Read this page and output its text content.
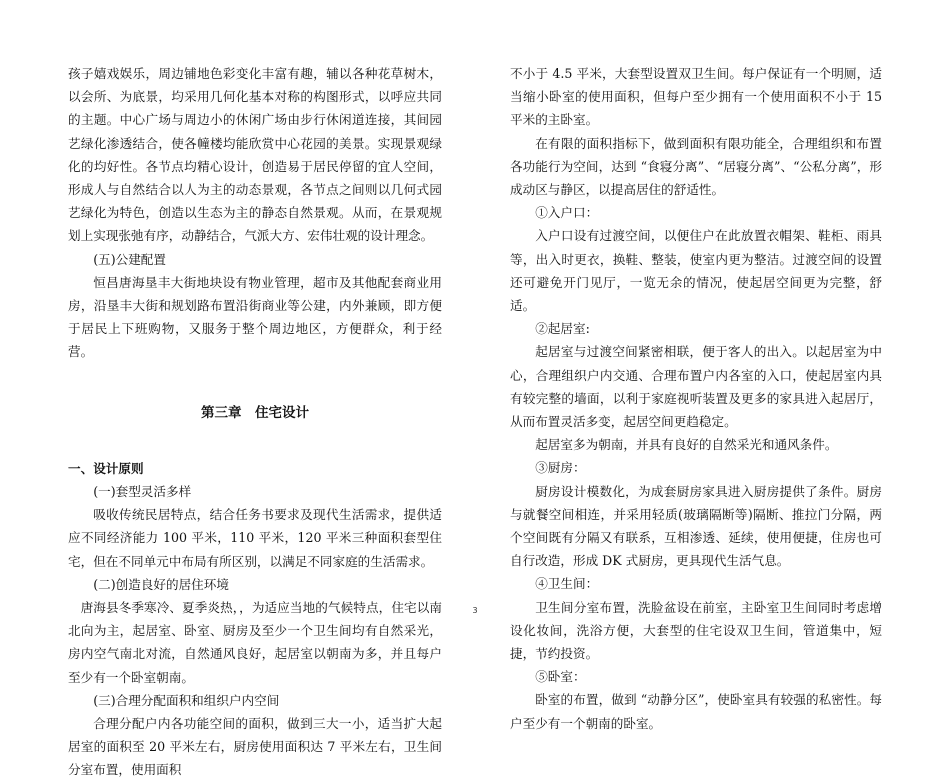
孩子嬉戏娱乐，周边铺地色彩变化丰富有趣，辅以各种花草树木，以会所、为底景，均采用几何化基本对称的构图形式，以呼应共同的主题。中心广场与周边小的休闲广场由步行休闲道连接，其间园艺绿化渗透结合，使各幢楼均能欣赏中心花园的美景。实现景观绿化的均好性。各节点均精心设计，创造易于居民停留的宜人空间，形成人与自然结合以人为主的动态景观，各节点之间则以几何式园艺绿化为特色，创造以生态为主的静态自然景观。从而，在景观规划上实现张弛有序，动静结合，气派大方、宏伟壮观的设计理念。

(五)公建配置

恒昌唐海垦丰大街地块设有物业管理，超市及其他配套商业用房，沿垦丰大街和规划路布置沿街商业等公建，内外兼顾，即方便于居民上下班购物，又服务于整个周边地区，方便群众，利于经营。

第三章　住宅设计

一、设计原则

(一)套型灵活多样

吸收传统民居特点，结合任务书要求及现代生活需求，提供适应不同经济能力 100 平米，110 平米，120 平米三种面积套型住宅，但在不同单元中布局有所区别，以满足不同家庭的生活需求。

(二)创造良好的居住环境

唐海县冬季寒冷、夏季炎热，，为适应当地的气候特点，住宅以南北向为主，起居室、卧室、厨房及至少一个卫生间均有自然采光，房内空气南北对流，自然通风良好，起居室以朝南为多，并且每户至少有一个卧室朝南。

(三)合理分配面积和组织户内空间

合理分配户内各功能空间的面积，做到三大一小，适当扩大起居室的面积至 20 平米左右，厨房使用面积达 7 平米左右，卫生间分室布置，使用面积

不小于 4.5 平米，大套型设置双卫生间。每户保证有一个明厕，适当缩小卧室的使用面积，但每户至少拥有一个使用面积不小于 15 平米的主卧室。

在有限的面积指标下，做到面积有限功能全，合理组织和布置各功能行为空间，达到 “食寝分离”、“居寝分离”、“公私分离”，形成动区与静区，以提高居住的舒适性。

①入户口：

入户口设有过渡空间，以便住户在此放置衣帽架、鞋柜、雨具等，出入时更衣，换鞋、整装，使室内更为整洁。过渡空间的设置还可避免开门见厅，一览无余的情况，使起居空间更为完整，舒适。

②起居室:

起居室与过渡空间紧密相联，便于客人的出入。以起居室为中心，合理组织户内交通、合理布置户内各室的入口，使起居室内具有较完整的墙面，以利于家庭视听装置及更多的家具进入起居厅，从而布置灵活多变，起居空间更趋稳定。

起居室多为朝南，并具有良好的自然采光和通风条件。

③厨房：

厨房设计模数化，为成套厨房家具进入厨房提供了条件。厨房与就餐空间相连，并采用轻质(玻璃隔断等)隔断、推拉门分隔，两个空间既有分隔又有联系，互相渗透、延续，使用便捷，住房也可自行改造，形成 DK 式厨房，更具现代生活气息。

④卫生间：

卫生间分室布置，洗脸盆设在前室，主卧室卫生间同时考虑增设化妆间，洗浴方便，大套型的住宅设双卫生间，管道集中，短捷，节约投资。

⑤卧室：

卧室的布置，做到 “动静分区”，使卧室具有较强的私密性。每户至少有一个朝南的卧室。

3
